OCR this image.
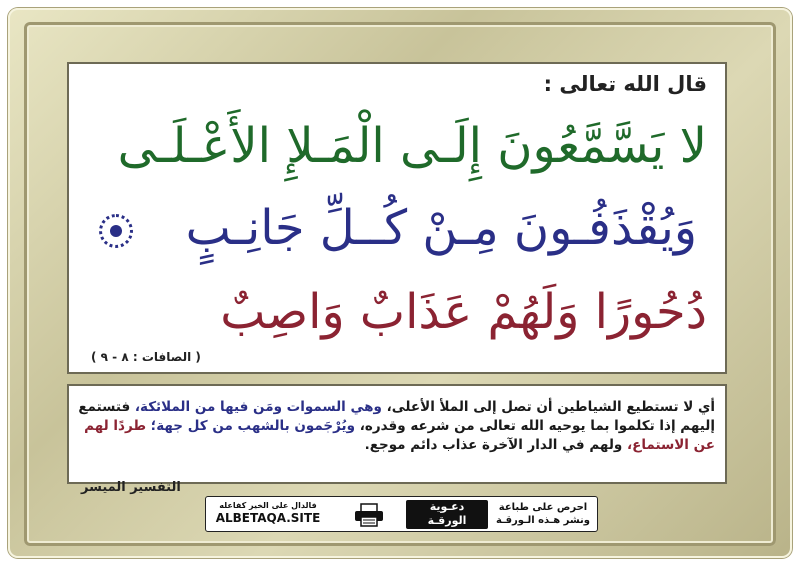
قال الله تعالى :
لا يَسَّمَّعُونَ إِلَـى الْمَـلإِ الأَعْـلَـى
وَيُقْذَفُـونَ مِـنْ كُــلِّ جَانِـبٍ
دُحُورًا وَلَهُمْ عَذَابٌ وَاصِبٌ
( الصافات : ٨ - ٩ )
أي لا تستطيع الشياطين أن تصل إلى الملأ الأعلى، وهي السموات ومَن فيها من الملائكة، فتستمع إليهم إذا تكلموا بما يوحيه الله تعالى من شرعه وقدره، ويُرْجَمون بالشهب من كل جهة؛ طردًا لهم عن الاستماع، ولهم في الدار الآخرة عذاب دائم موجع.
التفسير الميسر
فالدال على الخير كفاعله
ALBETAQA.SITE
دعـوية
الورقـة
احرص على طباعة
ونشر هـذه الـورقـة
